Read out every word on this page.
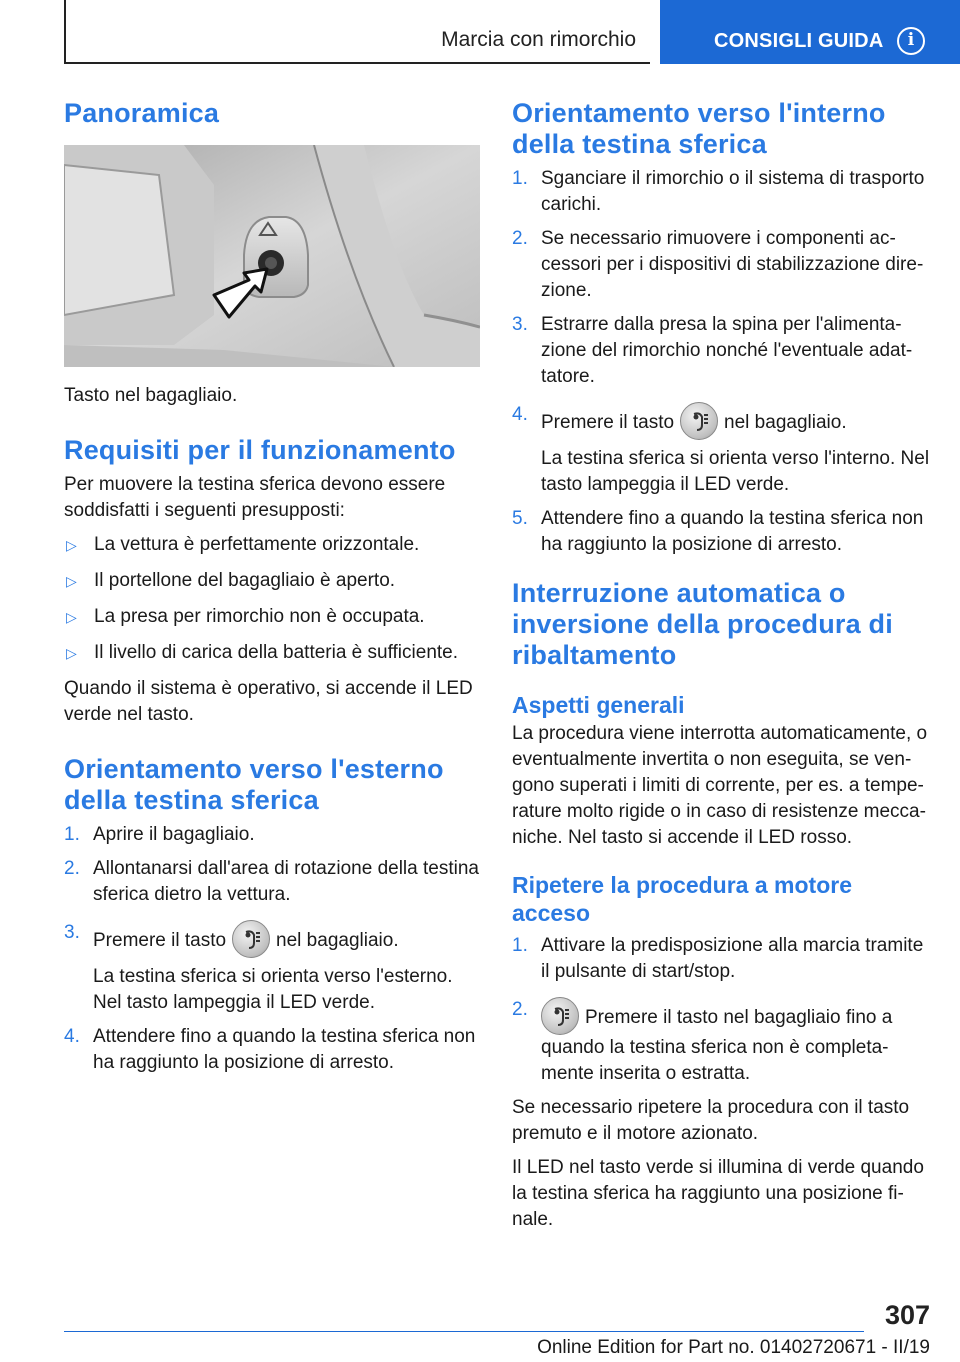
Marcia con rimorchio	CONSIGLI GUIDA	i
Panoramica

Tasto nel bagagliaio.

Requisiti per il funzionamento

Per muovere la testina sferica devono essere soddisfatti i seguenti presupposti:

▷ La vettura è perfettamente orizzontale.
▷ Il portellone del bagagliaio è aperto.
▷ La presa per rimorchio non è occupata.
▷ Il livello di carica della batteria è sufficiente.

Quando il sistema è operativo, si accende il LED verde nel tasto.

Orientamento verso l'esterno della testina sferica
1. Aprire il bagagliaio.
2. Allontanarsi dall'area di rotazione della testina sferica dietro la vettura.
3. Premere il tasto	nel bagagliaio.
La testina sferica si orienta verso l'esterno. Nel tasto lampeggia il LED verde.
4. Attendere fino a quando la testina sferica non ha raggiunto la posizione di arresto.
Orientamento verso l'interno della testina sferica
1. Sganciare il rimorchio o il sistema di trasporto carichi.
2. Se necessario rimuovere i componenti accessori per i dispositivi di stabilizzazione direzione.
3. Estrarre dalla presa la spina per l'alimentazione del rimorchio nonché l'eventuale adattatore.
4. Premere il tasto	nel bagagliaio.
La testina sferica si orienta verso l'interno. Nel tasto lampeggia il LED verde.
5. Attendere fino a quando la testina sferica non ha raggiunto la posizione di arresto.
Interruzione automatica o inversione della procedura di ribaltamento
Aspetti generali

La procedura viene interrotta automaticamente, o eventualmente invertita o non eseguita, se vengono superati i limiti di corrente, per es. a temperature molto rigide o in caso di resistenze meccaniche. Nel tasto si accende il LED rosso.

Ripetere la procedura a motore acceso
1. Attivare la predisposizione alla marcia tramite il pulsante di start/stop.
2.	Premere il tasto nel bagagliaio fino a quando la testina sferica non è completamente inserita o estratta.

Se necessario ripetere la procedura con il tasto premuto e il motore azionato.

Il LED nel tasto verde si illumina di verde quando la testina sferica ha raggiunto una posizione finale.

307
Online Edition for Part no. 01402720671 - II/19
